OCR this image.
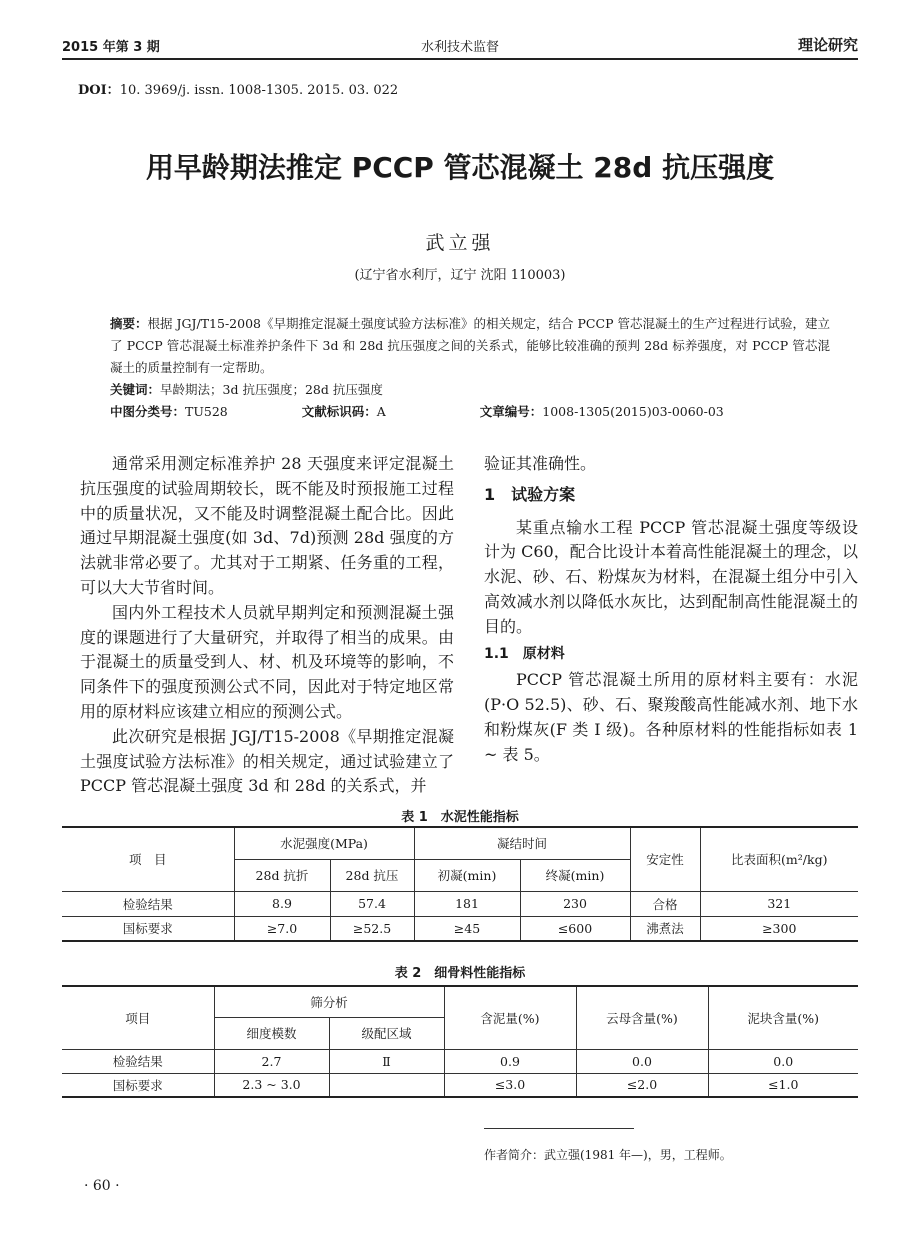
2015 年第 3 期	水利技术监督	理论研究
DOI：10. 3969/j. issn. 1008-1305. 2015. 03. 022
用早龄期法推定 PCCP 管芯混凝土 28d 抗压强度
武立强
(辽宁省水利厅，辽宁 沈阳 110003)
摘要：根据 JGJ/T15-2008《早期推定混凝土强度试验方法标准》的相关规定，结合 PCCP 管芯混凝土的生产过程进行试验，建立了 PCCP 管芯混凝土标准养护条件下 3d 和 28d 抗压强度之间的关系式，能够比较准确的预判 28d 标养强度，对 PCCP 管芯混凝土的质量控制有一定帮助。
关键词：早龄期法；3d 抗压强度；28d 抗压强度
中图分类号：TU528	文献标识码：A	文章编号：1008-1305(2015)03-0060-03

通常采用测定标准养护 28 天强度来评定混凝土抗压强度的试验周期较长，既不能及时预报施工过程中的质量状况，又不能及时调整混凝土配合比。因此通过早期混凝土强度(如 3d、7d)预测 28d 强度的方法就非常必要了。尤其对于工期紧、任务重的工程，可以大大节省时间。

国内外工程技术人员就早期判定和预测混凝土强度的课题进行了大量研究，并取得了相当的成果。由于混凝土的质量受到人、材、机及环境等的影响，不同条件下的强度预测公式不同，因此对于特定地区常用的原材料应该建立相应的预测公式。

此次研究是根据 JGJ/T15-2008《早期推定混凝土强度试验方法标准》的相关规定，通过试验建立了 PCCP 管芯混凝土强度 3d 和 28d 的关系式，并

验证其准确性。
1　试验方案

某重点输水工程 PCCP 管芯混凝土强度等级设计为 C60，配合比设计本着高性能混凝土的理念，以水泥、砂、石、粉煤灰为材料，在混凝土组分中引入高效减水剂以降低水灰比，达到配制高性能混凝土的目的。

1.1　原材料

PCCP 管芯混凝土所用的原材料主要有：水泥(P·O 52.5)、砂、石、聚羧酸高性能减水剂、地下水和粉煤灰(F 类 I 级)。各种原材料的性能指标如表 1 ~ 表 5。

表 1　水泥性能指标
项　目	水泥强度(MPa)		凝结时间		安定性	比表面积(m²/kg)
	28d 抗折	28d 抗压	初凝(min)	终凝(min)		
检验结果	8.9	57.4	181	230	合格	321
国标要求	≥7.0	≥52.5	≥45	≤600	沸煮法	≥300
表 2　细骨料性能指标
项目	筛分析		含泥量(%)	云母含量(%)	泥块含量(%)
	细度模数	级配区域			
检验结果	2.7	Ⅱ	0.9	0.0	0.0
国标要求	2.3 ~ 3.0		≤3.0	≤2.0	≤1.0
作者简介：武立强(1981 年—)，男，工程师。
· 60 ·
